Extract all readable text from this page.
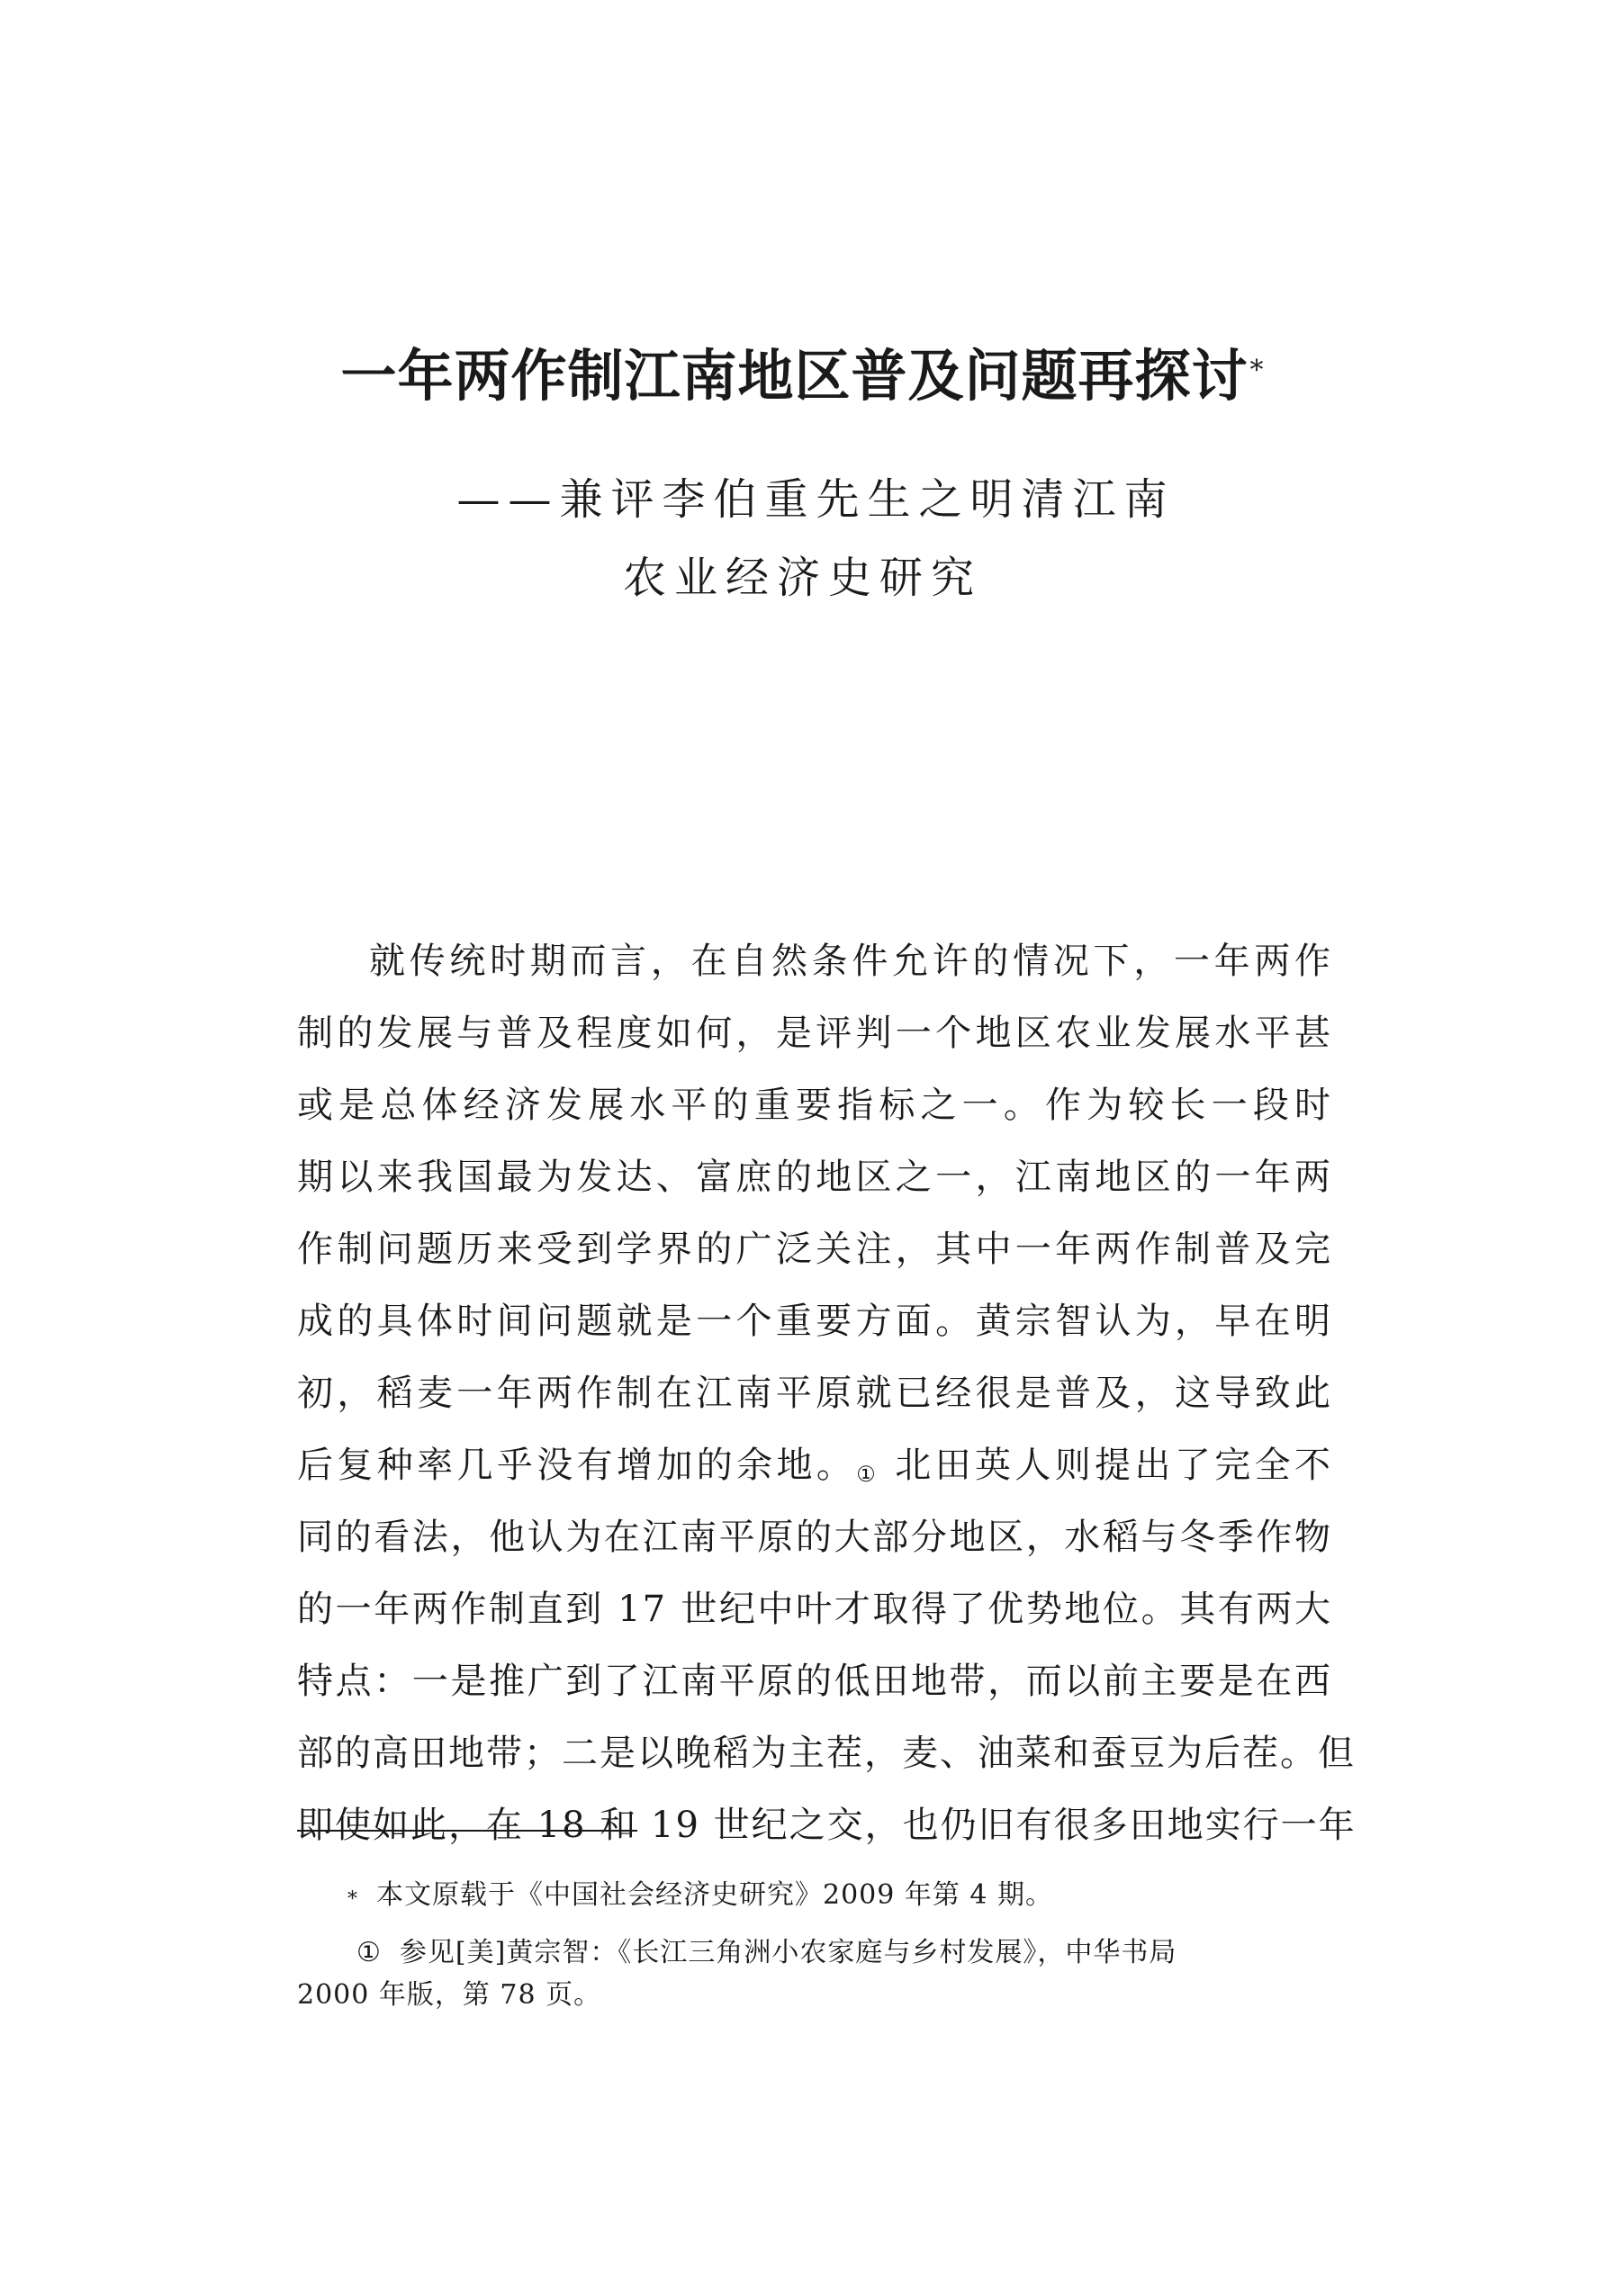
一年两作制江南地区普及问题再探讨*
——兼评李伯重先生之明清江南
农业经济史研究
就传统时期而言，在自然条件允许的情况下，一年两作
制的发展与普及程度如何，是评判一个地区农业发展水平甚
或是总体经济发展水平的重要指标之一。作为较长一段时
期以来我国最为发达、富庶的地区之一，江南地区的一年两
作制问题历来受到学界的广泛关注，其中一年两作制普及完
成的具体时间问题就是一个重要方面。黄宗智认为，早在明
初，稻麦一年两作制在江南平原就已经很是普及，这导致此
后复种率几乎没有增加的余地。① 北田英人则提出了完全不
同的看法，他认为在江南平原的大部分地区，水稻与冬季作物
的一年两作制直到 17 世纪中叶才取得了优势地位。其有两大
特点：一是推广到了江南平原的低田地带，而以前主要是在西
部的高田地带；二是以晚稻为主茬，麦、油菜和蚕豆为后茬。但
即使如此，在 18 和 19 世纪之交，也仍旧有很多田地实行一年
* 本文原载于《中国社会经济史研究》2009 年第 4 期。
① 参见[美]黄宗智：《长江三角洲小农家庭与乡村发展》，中华书局
2000 年版，第 78 页。
